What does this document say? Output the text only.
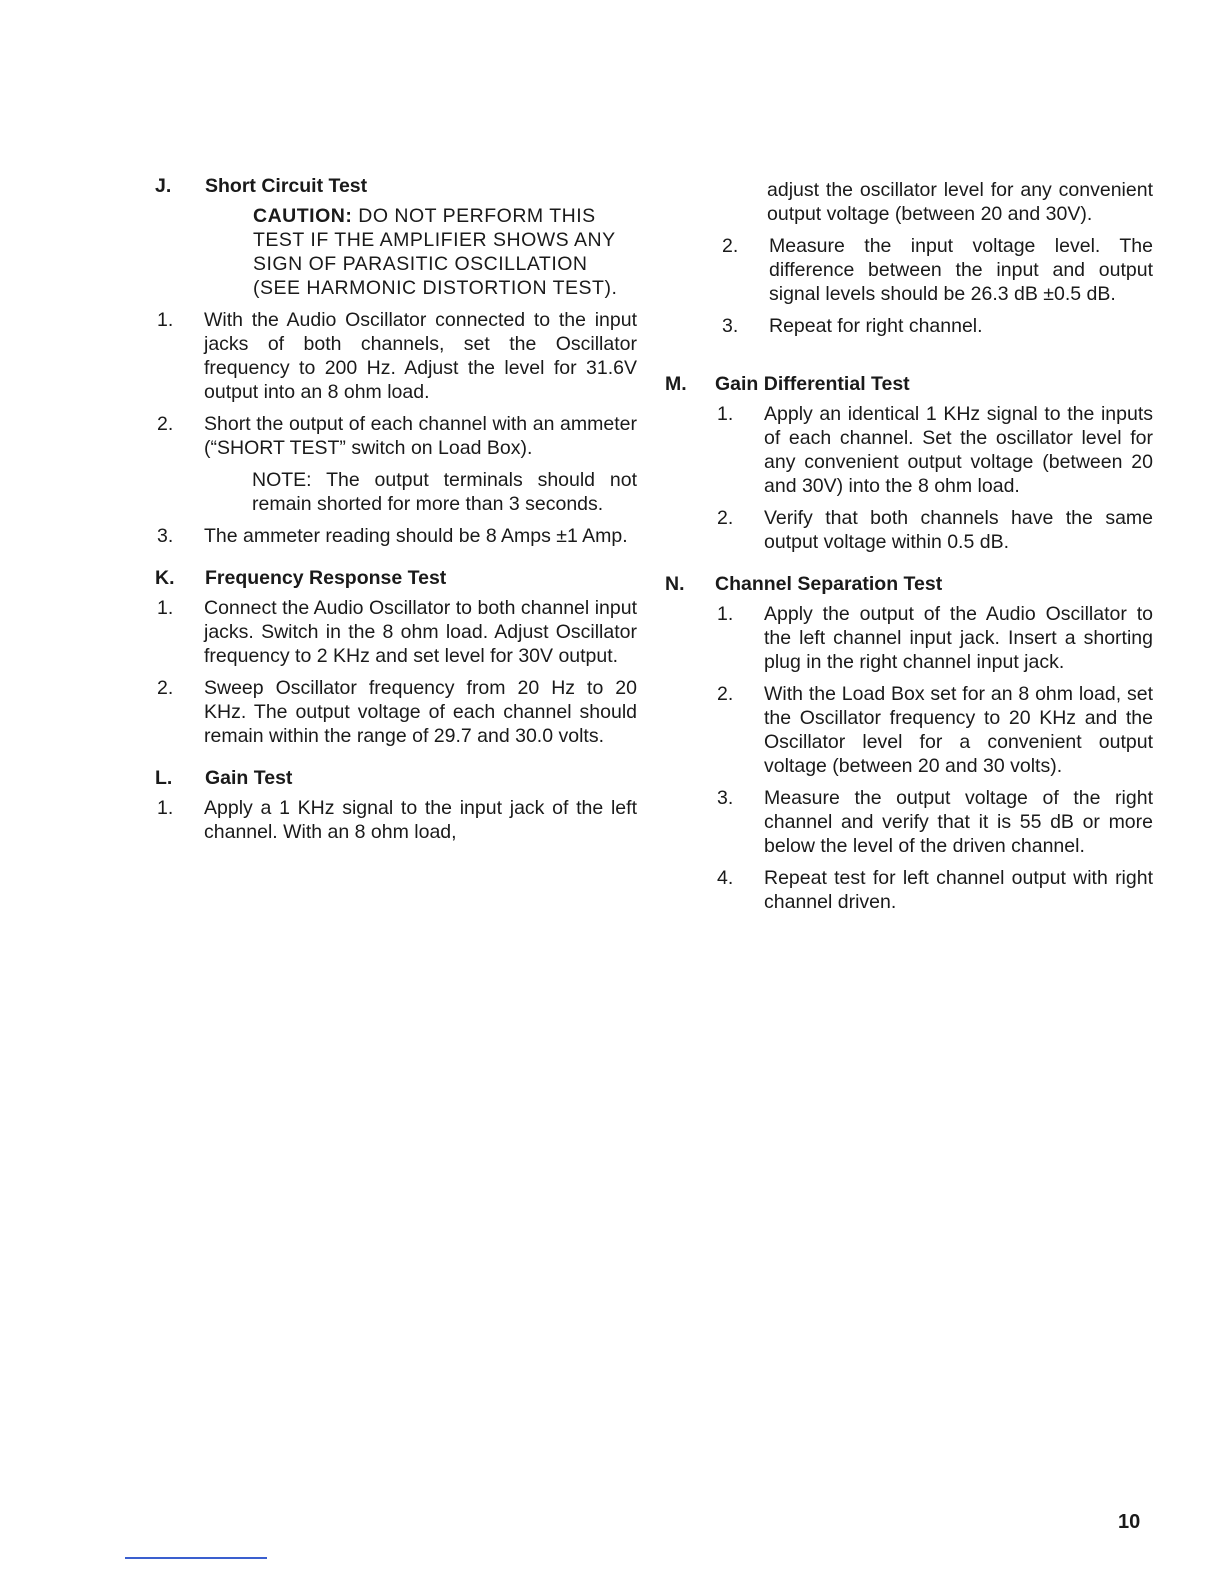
J.	Short Circuit Test
CAUTION: DO NOT PERFORM THIS TEST IF THE AMPLIFIER SHOWS ANY SIGN OF PARASITIC OSCILLATION (SEE HARMONIC DISTORTION TEST).
1.	With the Audio Oscillator connected to the input jacks of both channels, set the Oscillator frequency to 200 Hz. Adjust the level for 31.6V output into an 8 ohm load.
2.	Short the output of each channel with an ammeter (“SHORT TEST” switch on Load Box).
NOTE: The output terminals should not remain shorted for more than 3 seconds.
3.	The ammeter reading should be 8 Amps ±1 Amp.
K.	Frequency Response Test
1.	Connect the Audio Oscillator to both channel input jacks. Switch in the 8 ohm load. Adjust Oscillator frequency to 2 KHz and set level for 30V output.
2.	Sweep Oscillator frequency from 20 Hz to 20 KHz. The output voltage of each channel should remain within the range of 29.7 and 30.0 volts.
L.	Gain Test
1.	Apply a 1 KHz signal to the input jack of the left channel. With an 8 ohm load,
adjust the oscillator level for any convenient output voltage (between 20 and 30V).
2.	Measure the input voltage level. The difference between the input and output signal levels should be 26.3 dB ±0.5 dB.
3.	Repeat for right channel.
M.	Gain Differential Test
1.	Apply an identical 1 KHz signal to the inputs of each channel. Set the oscillator level for any convenient output voltage (between 20 and 30V) into the 8 ohm load.
2.	Verify that both channels have the same output voltage within 0.5 dB.
N.	Channel Separation Test
1.	Apply the output of the Audio Oscillator to the left channel input jack. Insert a shorting plug in the right channel input jack.
2.	With the Load Box set for an 8 ohm load, set the Oscillator frequency to 20 KHz and the Oscillator level for a convenient output voltage (between 20 and 30 volts).
3.	Measure the output voltage of the right channel and verify that it is 55 dB or more below the level of the driven channel.
4.	Repeat test for left channel output with right channel driven.
10
